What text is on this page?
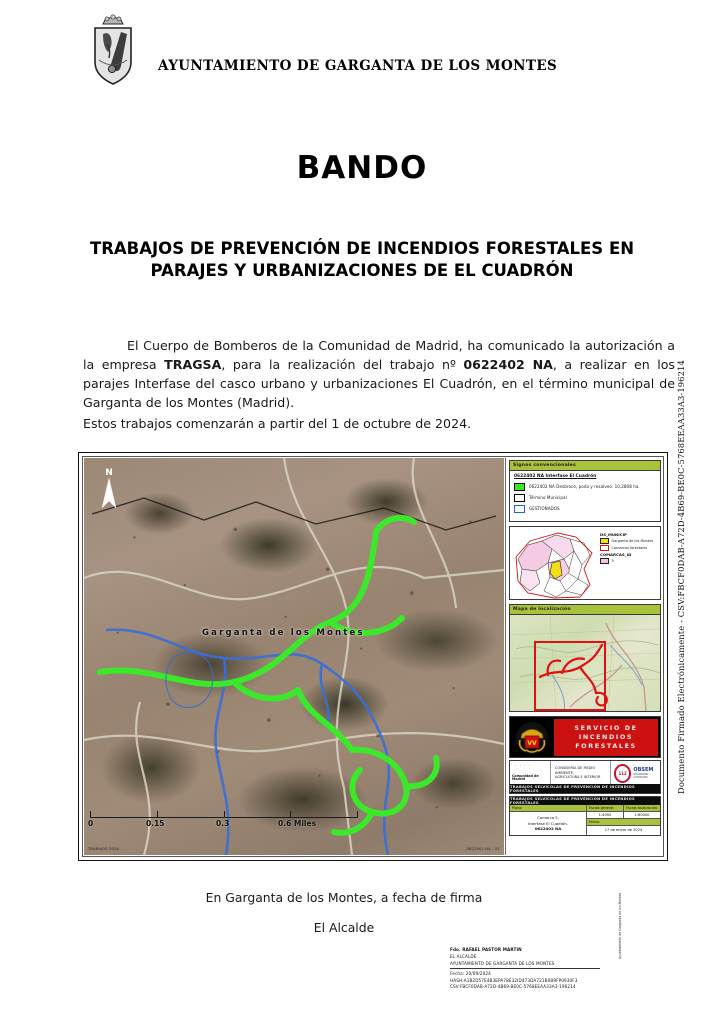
AYUNTAMIENTO DE GARGANTA DE LOS MONTES
BANDO
TRABAJOS DE PREVENCIÓN DE INCENDIOS FORESTALES EN PARAJES Y URBANIZACIONES DE EL CUADRÓN
El Cuerpo de Bomberos de la Comunidad de Madrid, ha comunicado la autorización a la empresa TRAGSA, para la realización del trabajo nº 0622402 NA, a realizar en los parajes Interfase del casco urbano y urbanizaciones El Cuadrón, en el término municipal de Garganta de los Montes (Madrid).
Estos trabajos comenzarán a partir del 1 de octubre de 2024.
N
Garganta de los Montes
0	0.15	0.3	0.6 Miles
TRABAJOS 2024	0622402 NA - 01
Signos convencionales
0622402 NA Interfase El Cuadrón
0622402 NA Desbroce, poda y resalveo. 10,2808 ha.
Término Municipal
GESTIONADOS
DS_MUNICIP
Garganta de los Montes
Comarcas forestales
COMARCAS_ID
5
Mapa de localización
VV
SERVICIO DE
INCENDIOS
FORESTALES
· · · ·
Comunidad de Madrid
CONSEJERÍA DE MEDIO AMBIENTE,
AGRICULTURA E INTERIOR
112
OBSEM
ORGANISMO AUTÓNOMO
TRABAJOS SELVÍCOLAS DE PREVENCIÓN DE INCENDIOS FORESTALES
TRABAJOS SELVÍCOLAS DE PREVENCIÓN DE INCENDIOS FORESTALES
Plano:
Comarca 5.
Interfase El Cuadrón.
0622402 NA
Escala general:	Escala localización:
1:4000	1:60000
Fecha:
17 de enero de 2024
Documento Firmado Electrónicamente - CSV:FBCF0DAB-A72D-4B69-BE0C-5768EEAA33A3-196214
En Garganta de los Montes, a fecha de firma
El Alcalde
Fdo. RAFAEL PASTOR MARTIN
EL ALCALDE
AYUNTAMIENTO DE GARGANTA DE LOS MONTES
Fecha: 20/09/2024
HASH:A1B2D57E4B3EPA78E32ID473DA721B0B9FP0930F3
CSV:FBCF0DAB-A72D-4B69-BE0C-5768EEAA33A3-196214
Ayuntamiento de Garganta de los Montes
